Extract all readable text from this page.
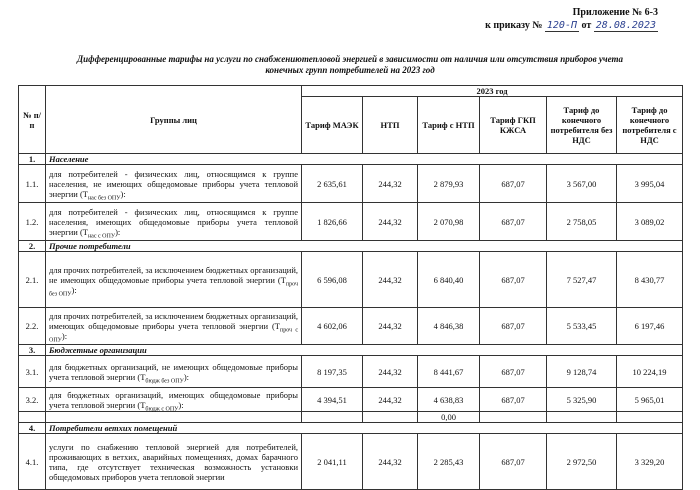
Приложение № 6-3
к приказу № 120-П от 28.08.2023
Дифференцированные тарифы на услуги по снабжениютепловой энергией в зависимости от наличия или отсутствия приборов учета конечных групп потребителей на 2023 год
№ п/п	Группы лиц	2023 год					
		Тариф МАЭК	НТП	Тариф с НТП	Тариф ГКП КЖСА	Тариф до конечного потребителя без НДС	Тариф до конечного потребителя с НДС
1.	Население						
1.1.	для потребителей - физических лиц, относящимся к группе населения, не имеющих общедомовые приборы учета тепловой энергии $(Т_{нас без ОПУ})$:	2 635,61	244,32	2 879,93	687,07	3 567,00	3 995,04
1.2.	для потребителей - физических лиц, относящимся к группе населения, имеющих общедомовые приборы учета тепловой энергии $(Т_{нас с ОПУ})$:	1 826,66	244,32	2 070,98	687,07	2 758,05	3 089,02
2.	Прочие потребители						
2.1.	для прочих потребителей, за исключением бюджетных организаций, не имеющих общедомовые приборы учета тепловой энергии $(Т_{проч без ОПУ})$:	6 596,08	244,32	6 840,40	687,07	7 527,47	8 430,77
2.2.	для прочих потребителей, за исключением бюджетных организаций, имеющих общедомовые приборы учета тепловой энергии $(Т_{проч с ОПУ})$:	4 602,06	244,32	4 846,38	687,07	5 533,45	6 197,46
3.	Бюджетные организации						
3.1.	для бюджетных организаций, не имеющих общедомовые приборы учета тепловой энергии $(Т_{бюдж без ОПУ})$:	8 197,35	244,32	8 441,67	687,07	9 128,74	10 224,19
3.2.	для бюджетных организаций, имеющих общедомовые приборы учета тепловой энергии $(Т_{бюдж с ОПУ})$:	4 394,51	244,32	4 638,83	687,07	5 325,90	5 965,01
				0,00			
4.	Потребители ветхих помещений						
4.1.	услуги по снабжению тепловой энергией для потребителей, проживающих в ветхих, аварийных помещениях, домах барачного типа, где отсутствует техническая возможность установки общедомовых приборов учета тепловой энергии	2 041,11	244,32	2 285,43	687,07	2 972,50	3 329,20
